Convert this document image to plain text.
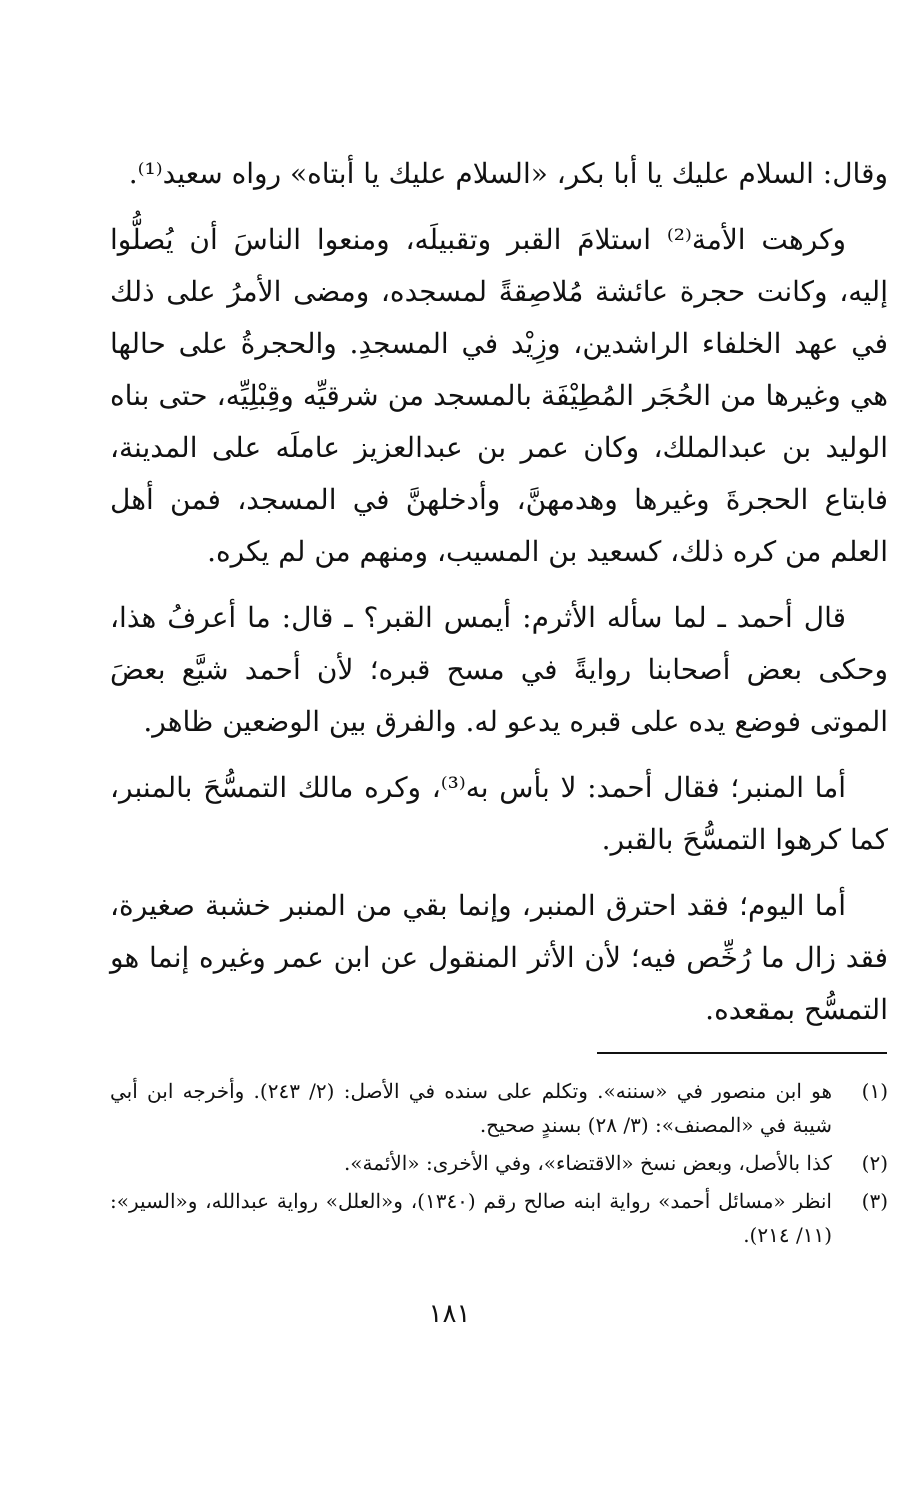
وقال: السلام عليك يا أبا بكر، «السلام عليك يا أبتاه» رواه سعيد⁽¹⁾.

وكرهت الأمة⁽²⁾ استلامَ القبر وتقبيلَه، ومنعوا الناسَ أن يُصلُّوا إليه، وكانت حجرة عائشة مُلاصِقةً لمسجده، ومضى الأمرُ على ذلك في عهد الخلفاء الراشدين، وزِيْد في المسجدِ. والحجرةُ على حالها هي وغيرها من الحُجَر المُطِيْفَة بالمسجد من شرقيِّه وقِبْلِيِّه، حتى بناه الوليد بن عبدالملك، وكان عمر بن عبدالعزيز عاملَه على المدينة، فابتاع الحجرةَ وغيرها وهدمهنَّ، وأدخلهنَّ في المسجد، فمن أهل العلم من كره ذلك، كسعيد بن المسيب، ومنهم من لم يكره.

قال أحمد ـ لما سأله الأثرم: أيمس القبر؟ ـ قال: ما أعرفُ هذا، وحكى بعض أصحابنا روايةً في مسح قبره؛ لأن أحمد شيَّع بعضَ الموتى فوضع يده على قبره يدعو له. والفرق بين الوضعين ظاهر.

أما المنبر؛ فقال أحمد: لا بأس به⁽³⁾، وكره مالك التمسُّحَ بالمنبر، كما كرهوا التمسُّحَ بالقبر.

أما اليوم؛ فقد احترق المنبر، وإنما بقي من المنبر خشبة صغيرة، فقد زال ما رُخِّص فيه؛ لأن الأثر المنقول عن ابن عمر وغيره إنما هو التمسُّح بمقعده.

(١)
هو ابن منصور في «سننه». وتكلم على سنده في الأصل: (٢/ ٢٤٣). وأخرجه ابن أبي شيبة في «المصنف»: (٣/ ٢٨) بسندٍ صحيح.
(٢)
كذا بالأصل، وبعض نسخ «الاقتضاء»، وفي الأخرى: «الأئمة».
(٣)
انظر «مسائل أحمد» رواية ابنه صالح رقم (١٣٤٠)، و«العلل» رواية عبدالله، و«السير»: (١١/ ٢١٤).
١٨١
